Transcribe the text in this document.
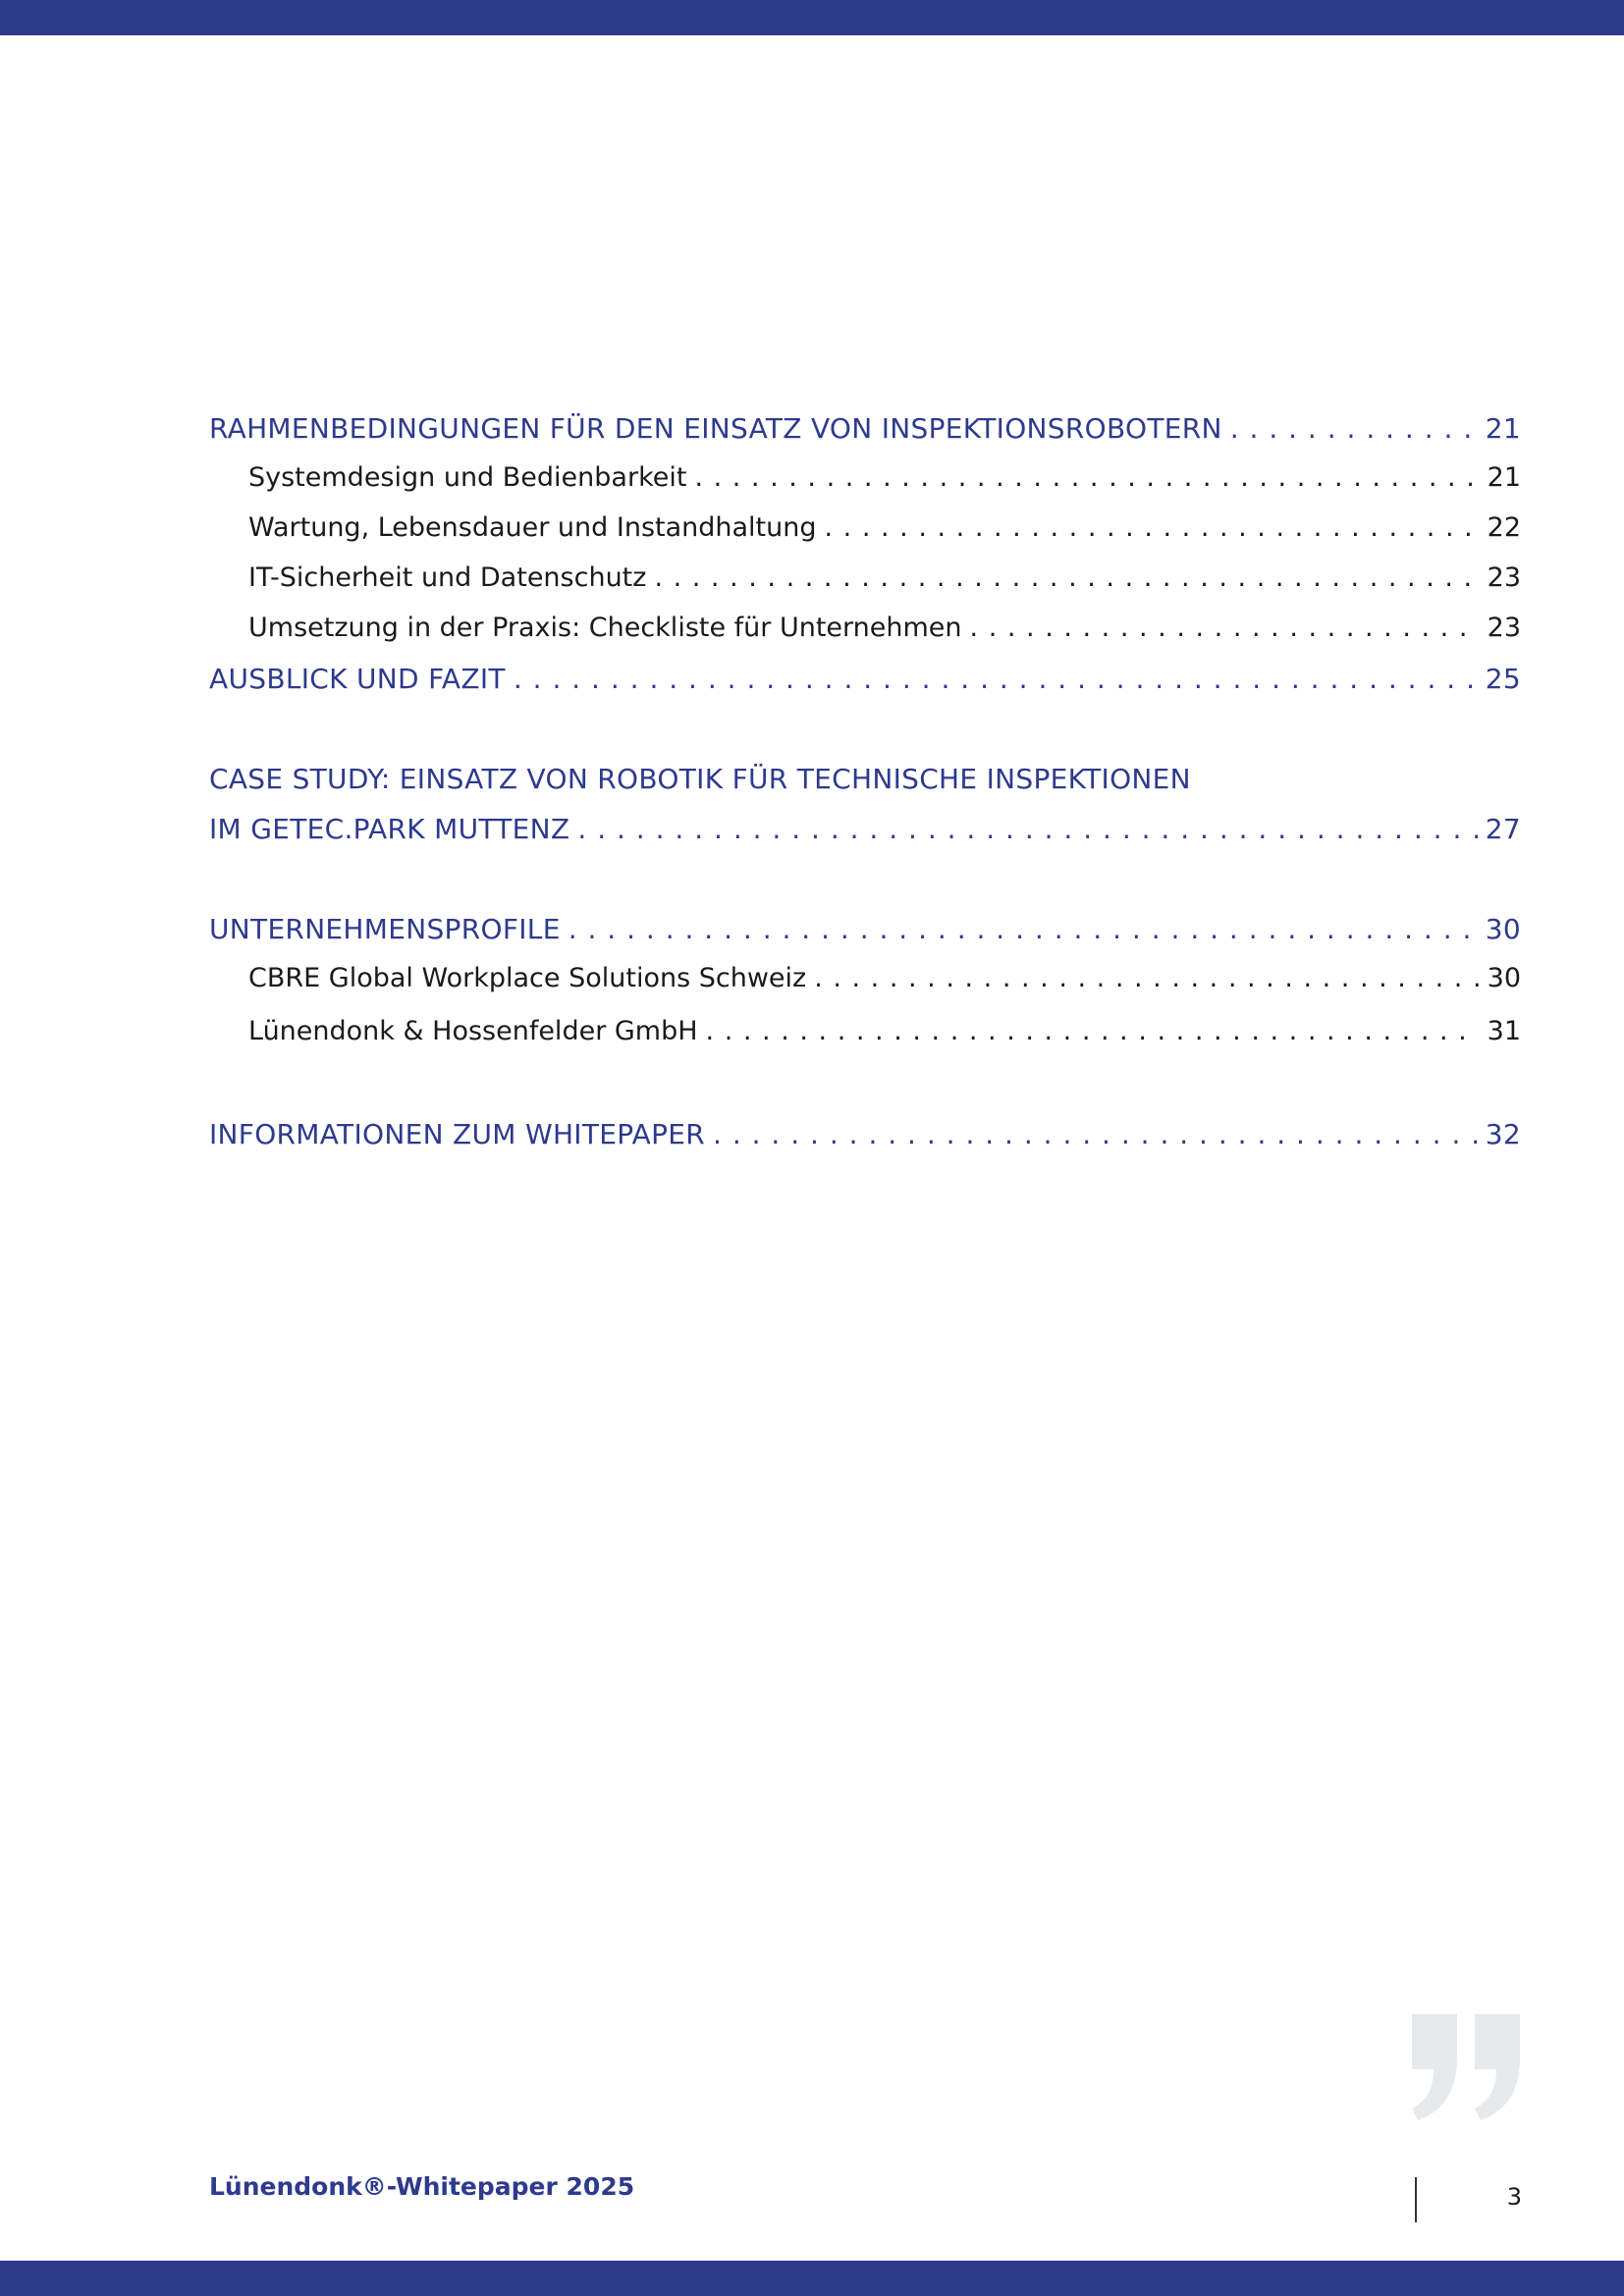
RAHMENBEDINGUNGEN FÜR DEN EINSATZ VON INSPEKTIONSROBOTERN . . .	21
Systemdesign und Bedienbarkeit . . .	21
Wartung, Lebensdauer und Instandhaltung . . .	22
IT-Sicherheit und Datenschutz . . .	23
Umsetzung in der Praxis: Checkliste für Unternehmen . . .	23
AUSBLICK UND FAZIT . . .	25
CASE STUDY: EINSATZ VON ROBOTIK FÜR TECHNISCHE INSPEKTIONEN
IM GETEC.PARK MUTTENZ . . .	27
UNTERNEHMENSPROFILE . . .	30
CBRE Global Workplace Solutions Schweiz . . .	30
Lünendonk & Hossenfelder GmbH . . .	31
INFORMATIONEN ZUM WHITEPAPER . . .	32
Lünendonk®-Whitepaper 2025	3
